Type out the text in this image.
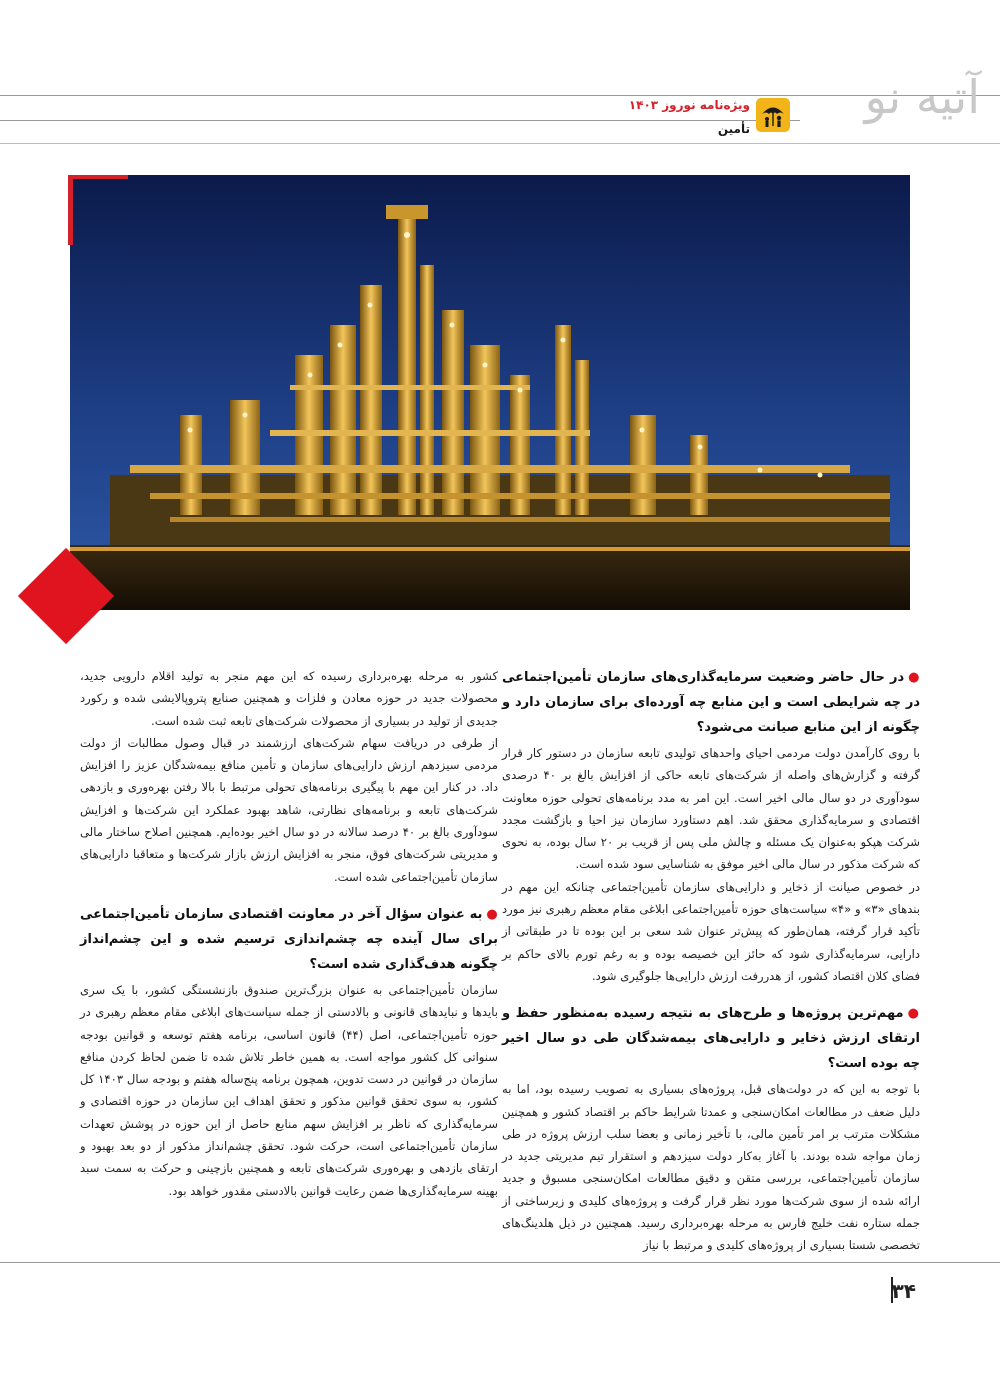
ویژه‌نامه نوروز ۱۴۰۳
تأمین
آتیه نو
●در حال حاضر وضعیت سرمایه‌گذاری‌های سازمان تأمین‌اجتماعی در چه شرایطی است و این منابع چه آورده‌ای برای سازمان دارد و چگونه از این منابع صیانت می‌شود؟
با روی کارآمدن دولت مردمی احیای واحدهای تولیدی تابعه سازمان در دستور کار قرار گرفته و گزارش‌های واصله از شرکت‌های تابعه حاکی از افزایش بالغ بر ۴۰ درصدی سودآوری در دو سال مالی اخیر است. این امر به مدد برنامه‌های تحولی حوزه معاونت اقتصادی و سرمایه‌گذاری محقق شد. اهم دستاورد سازمان نیز احیا و بازگشت مجدد شرکت هپکو به‌عنوان یک مسئله و چالش ملی پس از قریب بر ۲۰ سال بوده، به نحوی که شرکت مذکور در سال مالی اخیر موفق به شناسایی سود شده است.
در خصوص صیانت از ذخایر و دارایی‌های سازمان تأمین‌اجتماعی چنانکه این مهم در بندهای «۳» و «۴» سیاست‌های حوزه تأمین‌اجتماعی ابلاغی مقام معظم رهبری نیز مورد تأکید قرار گرفته، همان‌طور که پیش‌تر عنوان شد سعی بر این بوده تا در طبقاتی از دارایی، سرمایه‌گذاری شود که حائز این خصیصه بوده و به رغم تورم بالای حاکم بر فضای کلان اقتصاد کشور، از هدررفت ارزش دارایی‌ها جلوگیری شود.
●مهم‌ترین پروژه‌ها و طرح‌های به نتیجه رسیده به‌منظور حفظ و ارتقای ارزش ذخایر و دارایی‌های بیمه‌شدگان طی دو سال اخیر چه بوده است؟
با توجه به این که در دولت‌های قبل، پروژه‌های بسیاری به تصویب رسیده بود، اما به دلیل ضعف در مطالعات امکان‌سنجی و عمدتا شرایط حاکم بر اقتصاد کشور و همچنین مشکلات مترتب بر امر تأمین مالی، با تأخیر زمانی و بعضا سلب ارزش پروژه در طی زمان مواجه شده بودند. با آغاز به‌کار دولت سیزدهم و استقرار تیم مدیریتی جدید در سازمان تأمین‌اجتماعی، بررسی متقن و دقیق مطالعات امکان‌سنجی مسبوق و جدید ارائه شده از سوی شرکت‌ها مورد نظر قرار گرفت و پروژه‌های کلیدی و زیرساختی از جمله ستاره نفت خلیج فارس به مرحله بهره‌برداری رسید. همچنین در ذیل هلدینگ‌های تخصصی شستا بسیاری از پروژه‌های کلیدی و مرتبط با نیاز
کشور به مرحله بهره‌برداری رسیده که این مهم منجر به تولید اقلام دارویی جدید، محصولات جدید در حوزه معادن و فلزات و همچنین صنایع پتروپالایشی شده و رکورد جدیدی از تولید در بسیاری از محصولات شرکت‌های تابعه ثبت شده است.
از طرفی در دریافت سهام شرکت‌های ارزشمند در قبال وصول مطالبات از دولت مردمی سیزدهم ارزش دارایی‌های سازمان و تأمین منافع بیمه‌شدگان عزیز را افزایش داد. در کنار این مهم با پیگیری برنامه‌های تحولی مرتبط با بالا رفتن بهره‌وری و بازدهی شرکت‌های تابعه و برنامه‌های نظارتی، شاهد بهبود عملکرد این شرکت‌ها و افزایش سودآوری بالغ بر ۴۰ درصد سالانه در دو سال اخیر بوده‌ایم. همچنین اصلاح ساختار مالی و مدیریتی شرکت‌های فوق، منجر به افزایش ارزش بازار شرکت‌ها و متعاقبا دارایی‌های سازمان تأمین‌اجتماعی شده است.
●به عنوان سؤال آخر در معاونت اقتصادی سازمان تأمین‌اجتماعی برای سال آینده چه چشم‌اندازی ترسیم شده و این چشم‌انداز چگونه هدف‌گذاری شده است؟
سازمان تأمین‌اجتماعی به عنوان بزرگ‌ترین صندوق بازنشستگی کشور، با یک سری بایدها و نبایدهای قانونی و بالادستی از جمله سیاست‌های ابلاغی مقام معظم رهبری در حوزه تأمین‌اجتماعی، اصل (۴۴) قانون اساسی، برنامه هفتم توسعه و قوانین بودجه سنواتی کل کشور مواجه است. به همین خاطر تلاش شده تا ضمن لحاظ کردن منافع سازمان در قوانین در دست تدوین، همچون برنامه پنج‌ساله هفتم و بودجه سال ۱۴۰۳ کل کشور، به سوی تحقق قوانین مذکور و تحقق اهداف این سازمان در حوزه اقتصادی و سرمایه‌گذاری که ناظر بر افزایش سهم منابع حاصل از این حوزه در پوشش تعهدات سازمان تأمین‌اجتماعی است، حرکت شود. تحقق چشم‌انداز مذکور از دو بعد بهبود و ارتقای بازدهی و بهره‌وری شرکت‌های تابعه و همچنین بازچینی و حرکت به سمت سبد بهینه سرمایه‌گذاری‌ها ضمن رعایت قوانین بالادستی مقدور خواهد بود.
۳۴
